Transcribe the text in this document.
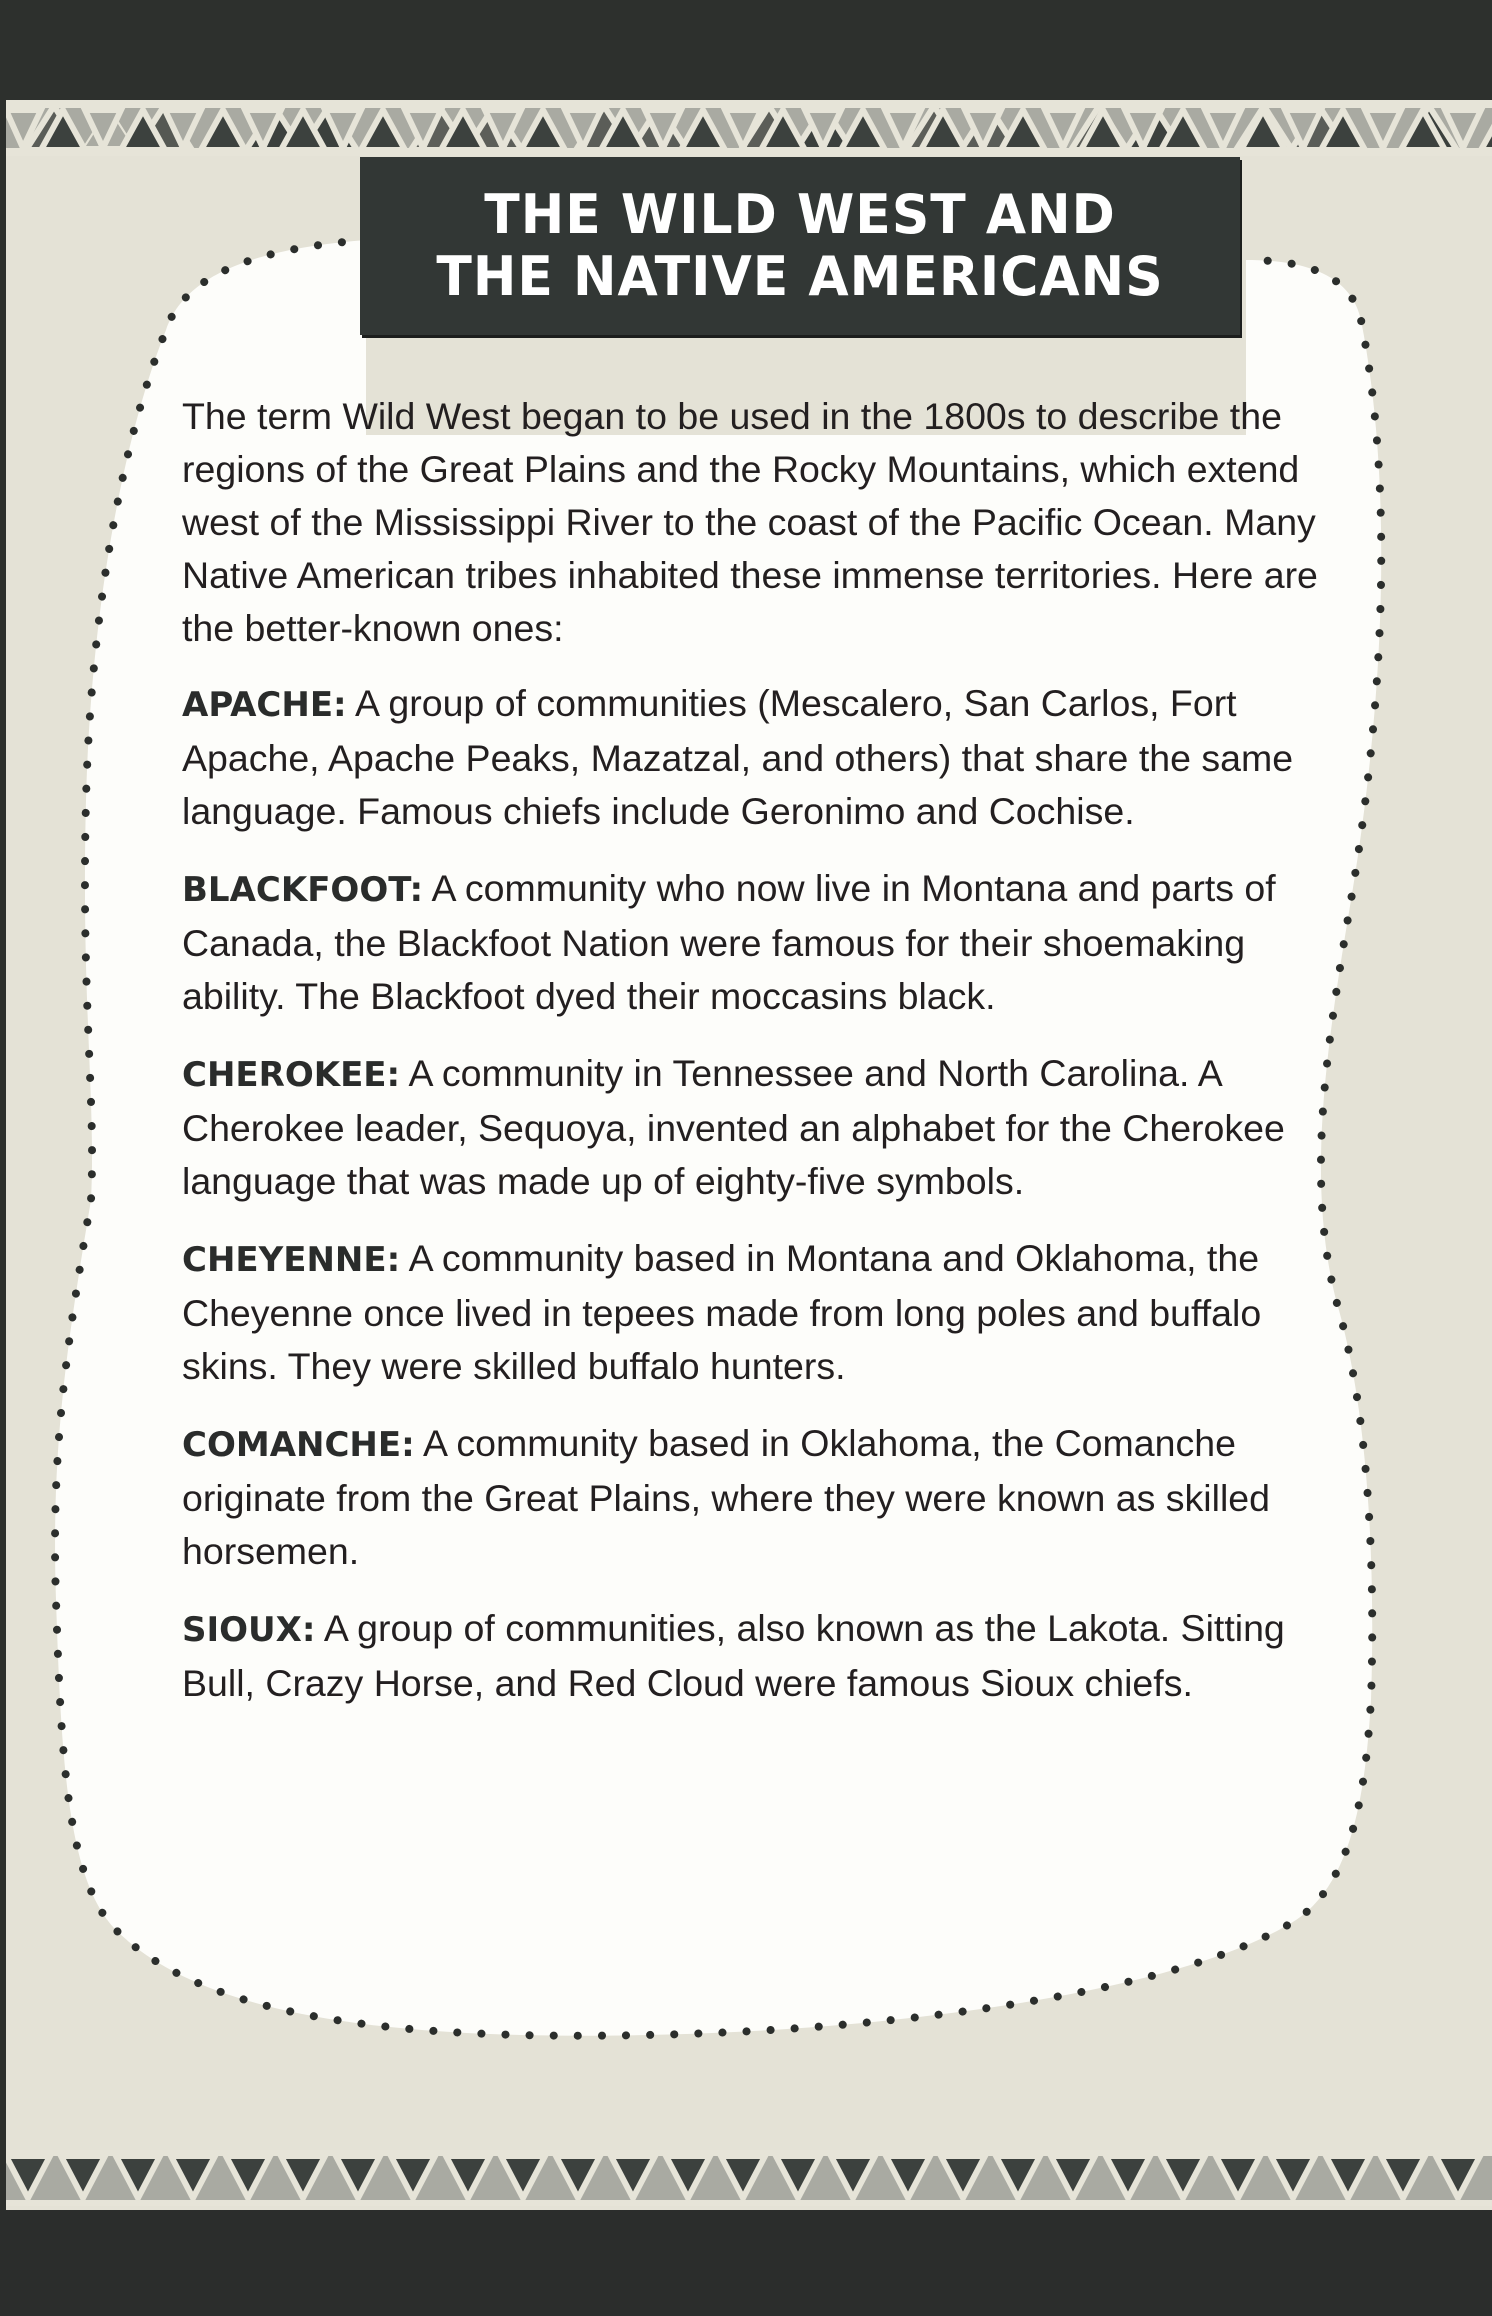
THE WILD WEST AND
THE NATIVE AMERICANS

The term Wild West began to be used in the 1800s to describe the regions of the Great Plains and the Rocky Mountains, which extend west of the Mississippi River to the coast of the Pacific Ocean. Many Native American tribes inhabited these immense territories. Here are the better-known ones:

APACHE: A group of communities (Mescalero, San Carlos, Fort Apache, Apache Peaks, Mazatzal, and others) that share the same language. Famous chiefs include Geronimo and Cochise.

BLACKFOOT: A community who now live in Montana and parts of Canada, the Blackfoot Nation were famous for their shoemaking ability. The Blackfoot dyed their moccasins black.

CHEROKEE: A community in Tennessee and North Carolina. A Cherokee leader, Sequoya, invented an alphabet for the Cherokee language that was made up of eighty-five symbols.

CHEYENNE: A community based in Montana and Oklahoma, the Cheyenne once lived in tepees made from long poles and buffalo skins. They were skilled buffalo hunters.

COMANCHE: A community based in Oklahoma, the Comanche originate from the Great Plains, where they were known as skilled horsemen.

SIOUX: A group of communities, also known as the Lakota. Sitting Bull, Crazy Horse, and Red Cloud were famous Sioux chiefs.
